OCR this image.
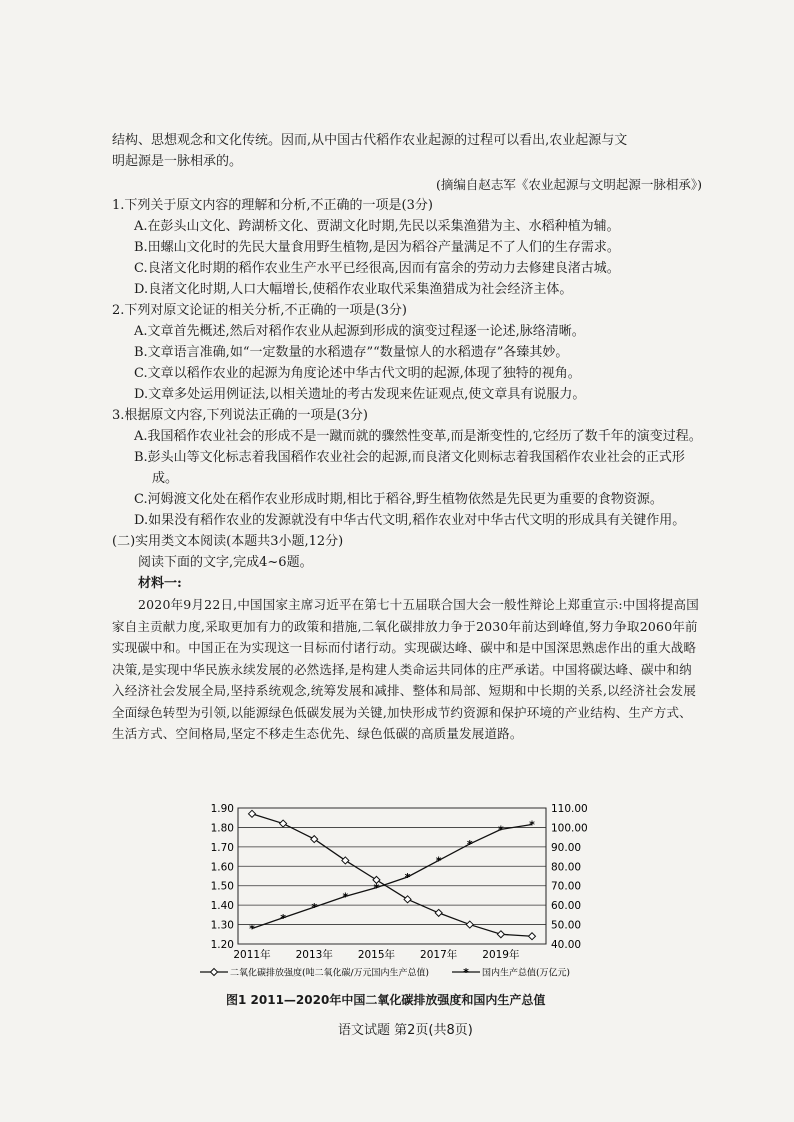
结构、思想观念和文化传统。因而,从中国古代稻作农业起源的过程可以看出,农业起源与文

明起源是一脉相承的。

(摘编自赵志军《农业起源与文明起源一脉相承》)

1.下列关于原文内容的理解和分析,不正确的一项是(3分)

A.在彭头山文化、跨湖桥文化、贾湖文化时期,先民以采集渔猎为主、水稻种植为辅。

B.田螺山文化时的先民大量食用野生植物,是因为稻谷产量满足不了人们的生存需求。

C.良渚文化时期的稻作农业生产水平已经很高,因而有富余的劳动力去修建良渚古城。

D.良渚文化时期,人口大幅增长,使稻作农业取代采集渔猎成为社会经济主体。

2.下列对原文论证的相关分析,不正确的一项是(3分)

A.文章首先概述,然后对稻作农业从起源到形成的演变过程逐一论述,脉络清晰。

B.文章语言准确,如“一定数量的水稻遗存”“数量惊人的水稻遗存”各臻其妙。

C.文章以稻作农业的起源为角度论述中华古代文明的起源,体现了独特的视角。

D.文章多处运用例证法,以相关遗址的考古发现来佐证观点,使文章具有说服力。

3.根据原文内容,下列说法正确的一项是(3分)

A.我国稻作农业社会的形成不是一蹴而就的骤然性变革,而是渐变性的,它经历了数千年的演变过程。

B.彭头山等文化标志着我国稻作农业社会的起源,而良渚文化则标志着我国稻作农业社会的正式形成。

C.河姆渡文化处在稻作农业形成时期,相比于稻谷,野生植物依然是先民更为重要的食物资源。

D.如果没有稻作农业的发源就没有中华古代文明,稻作农业对中华古代文明的形成具有关键作用。

(二)实用类文本阅读(本题共3小题,12分)

阅读下面的文字,完成4~6题。

材料一:

2020年9月22日,中国国家主席习近平在第七十五届联合国大会一般性辩论上郑重宣示:中国将提高国家自主贡献力度,采取更加有力的政策和措施,二氧化碳排放力争于2030年前达到峰值,努力争取2060年前实现碳中和。中国正在为实现这一目标而付诸行动。实现碳达峰、碳中和是中国深思熟虑作出的重大战略决策,是实现中华民族永续发展的必然选择,是构建人类命运共同体的庄严承诺。中国将碳达峰、碳中和纳入经济社会发展全局,坚持系统观念,统筹发展和减排、整体和局部、短期和中长期的关系,以经济社会发展全面绿色转型为引领,以能源绿色低碳发展为关键,加快形成节约资源和保护环境的产业结构、生产方式、生活方式、空间格局,坚定不移走生态优先、绿色低碳的高质量发展道路。

1.90
1.80
1.70
1.60
1.50
1.40
1.30
1.20
110.00
100.00
90.00
80.00
70.00
60.00
50.00
40.00
2011年 2013年 2015年 2017年 2019年
*
*
*
*
*
*
*
*
* *
二氧化碳排放强度(吨二氧化碳/万元国内生产总值)	* 国内生产总值(万亿元)
图1 2011—2020年中国二氧化碳排放强度和国内生产总值
语文试题 第2页(共8页)
